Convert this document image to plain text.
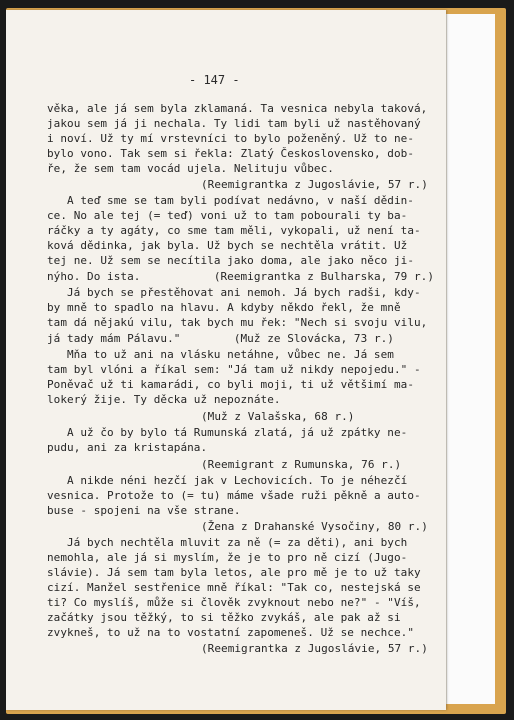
- 147 -
věka, ale já sem byla zklamaná. Ta vesnica nebyla taková,
jakou sem já ji nechala. Ty lidi tam byli už nastěhovaný
i noví. Už ty mí vrstevníci to bylo poženěný. Už to ne-
bylo vono. Tak sem si řekla: Zlatý Československo, dob-
ře, že sem tam vocád ujela. Nelituju vůbec.
(Reemigrantka z Jugoslávie, 57 r.)
A teď sme se tam byli podívat nedávno, v naší dědin-
ce. No ale tej (= teď) voni už to tam pobourali ty ba-
ráčky a ty agáty, co sme tam měli, vykopali, už není ta-
ková dědinka, jak byla. Už bych se nechtěla vrátit. Už
tej ne. Už sem se necítila jako doma, ale jako něco ji-
nýho. Do ista.           (Reemigrantka z Bulharska, 79 r.)
Já bych se přestěhovat ani nemoh. Já bych radši, kdy-
by mně to spadlo na hlavu. A kdyby někdo řekl, že mně
tam dá nějakú vilu, tak bych mu řek: "Nech si svoju vilu,
já tady mám Pálavu."        (Muž ze Slovácka, 73 r.)
Mňa to už ani na vlásku netáhne, vůbec ne. Já sem
tam byl vlóni a říkal sem: "Já tam už nikdy nepojedu." -
Poněvač už ti kamarádi, co byli moji, ti už většimí ma-
lokerý žije. Ty děcka už nepoznáte.
(Muž z Valašska, 68 r.)
A už čo by bylo tá Rumunská zlatá, já už zpátky ne-
pudu, ani za kristapána.
(Reemigrant z Rumunska, 76 r.)
A nikde néni hezčí jak v Lechovicích. To je néhezčí
vesnica. Protože to (= tu) máme všade ruži pěkně a auto-
buse - spojeni na vše strane.
(Žena z Drahanské Vysočiny, 80 r.)
Já bych nechtěla mluvit za ně (= za děti), ani bych
nemohla, ale já si myslím, že je to pro ně cizí (Jugo-
slávie). Já sem tam byla letos, ale pro mě je to už taky
cizí. Manžel sestřenice mně říkal: "Tak co, nestejská se
ti? Co myslíš, může si člověk zvyknout nebo ne?" - "Víš,
začátky jsou těžký, to si těžko zvykáš, ale pak až si
zvykneš, to už na to vostatní zapomeneš. Už se nechce."
(Reemigrantka z Jugoslávie, 57 r.)
